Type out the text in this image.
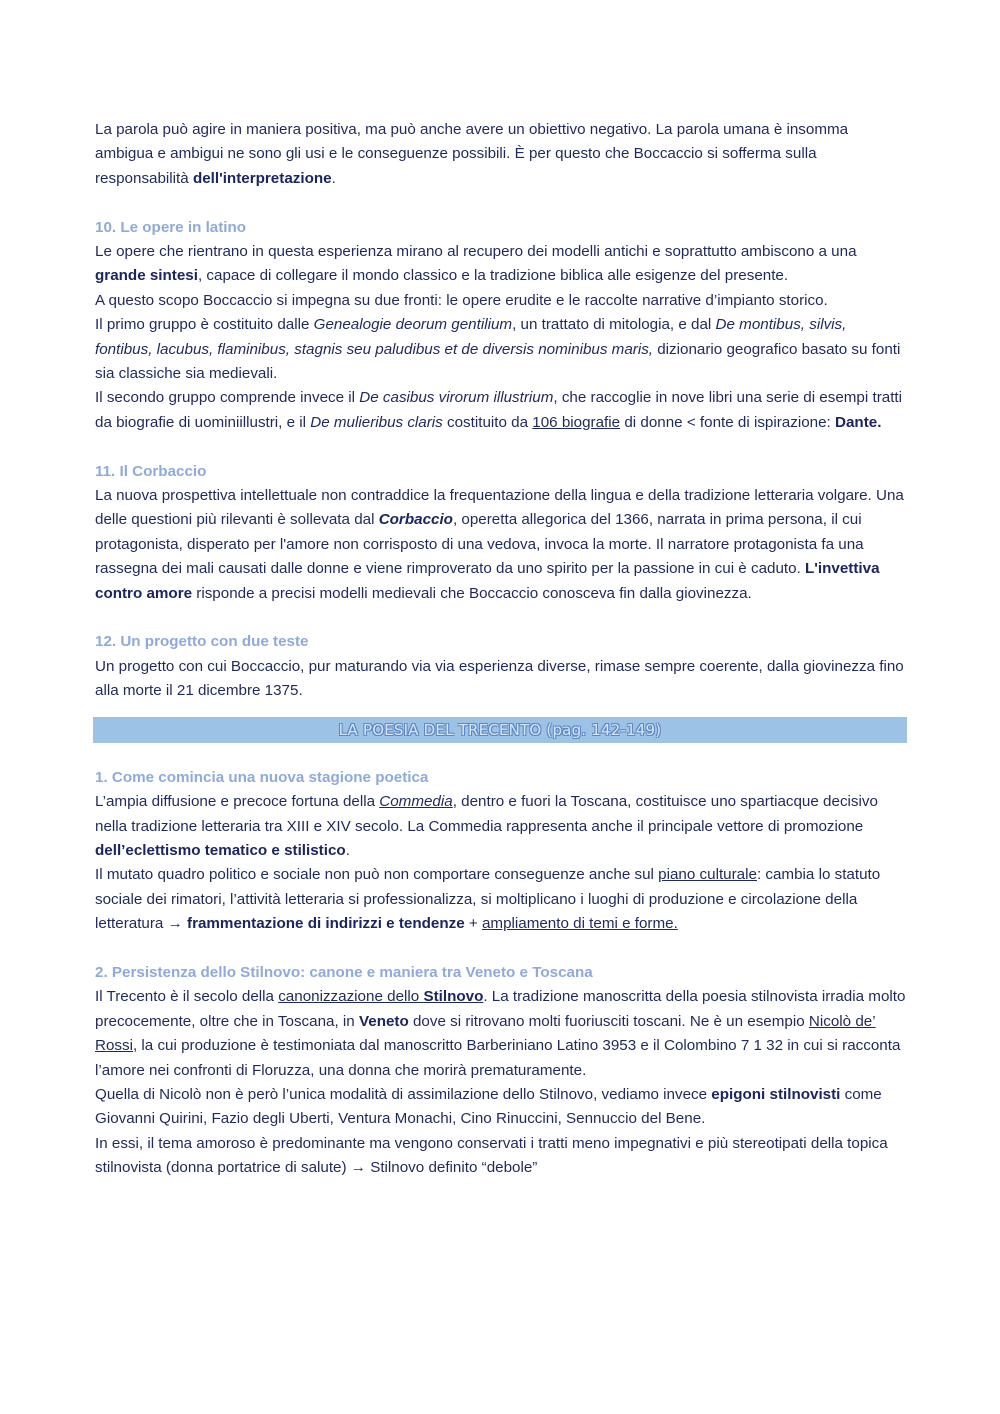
La parola può agire in maniera positiva, ma può anche avere un obiettivo negativo. La parola umana è insomma ambigua e ambigui ne sono gli usi e le conseguenze possibili. È per questo che Boccaccio si sofferma sulla responsabilità dell'interpretazione.

10. Le opere in latino

Le opere che rientrano in questa esperienza mirano al recupero dei modelli antichi e soprattutto ambiscono a una grande sintesi, capace di collegare il mondo classico e la tradizione biblica alle esigenze del presente.

A questo scopo Boccaccio si impegna su due fronti: le opere erudite e le raccolte narrative d’impianto storico.

Il primo gruppo è costituito dalle Genealogie deorum gentilium, un trattato di mitologia, e dal De montibus, silvis, fontibus, lacubus, flaminibus, stagnis seu paludibus et de diversis nominibus maris, dizionario geografico basato su fonti sia classiche sia medievali.

Il secondo gruppo comprende invece il De casibus virorum illustrium, che raccoglie in nove libri una serie di esempi tratti da biografie di uominiillustri, e il De mulieribus claris costituito da 106 biografie di donne < fonte di ispirazione: Dante.

11. Il Corbaccio

La nuova prospettiva intellettuale non contraddice la frequentazione della lingua e della tradizione letteraria volgare. Una delle questioni più rilevanti è sollevata dal Corbaccio, operetta allegorica del 1366, narrata in prima persona, il cui protagonista, disperato per l'amore non corrisposto di una vedova, invoca la morte. Il narratore protagonista fa una rassegna dei mali causati dalle donne e viene rimproverato da uno spirito per la passione in cui è caduto. L'invettiva contro amore risponde a precisi modelli medievali che Boccaccio conosceva fin dalla giovinezza.

12. Un progetto con due teste

Un progetto con cui Boccaccio, pur maturando via via esperienza diverse, rimase sempre coerente, dalla giovinezza fino alla morte il 21 dicembre 1375.

LA POESIA DEL TRECENTO (pag. 142-149)
1. Come comincia una nuova stagione poetica

L’ampia diffusione e precoce fortuna della Commedia, dentro e fuori la Toscana, costituisce uno spartiacque decisivo nella tradizione letteraria tra XIII e XIV secolo. La Commedia rappresenta anche il principale vettore di promozione dell’eclettismo tematico e stilistico.

Il mutato quadro politico e sociale non può non comportare conseguenze anche sul piano culturale: cambia lo statuto sociale dei rimatori, l’attività letteraria si professionalizza, si moltiplicano i luoghi di produzione e circolazione della letteratura → frammentazione di indirizzi e tendenze + ampliamento di temi e forme.

2. Persistenza dello Stilnovo: canone e maniera tra Veneto e Toscana

Il Trecento è il secolo della canonizzazione dello Stilnovo. La tradizione manoscritta della poesia stilnovista irradia molto precocemente, oltre che in Toscana, in Veneto dove si ritrovano molti fuoriusciti toscani. Ne è un esempio Nicolò de’ Rossi, la cui produzione è testimoniata dal manoscritto Barberiniano Latino 3953 e il Colombino 7 1 32 in cui si racconta l’amore nei confronti di Floruzza, una donna che morirà prematuramente.

Quella di Nicolò non è però l’unica modalità di assimilazione dello Stilnovo, vediamo invece epigoni stilnovisti come Giovanni Quirini, Fazio degli Uberti, Ventura Monachi, Cino Rinuccini, Sennuccio del Bene.

In essi, il tema amoroso è predominante ma vengono conservati i tratti meno impegnativi e più stereotipati della topica stilnovista (donna portatrice di salute) → Stilnovo definito “debole”
